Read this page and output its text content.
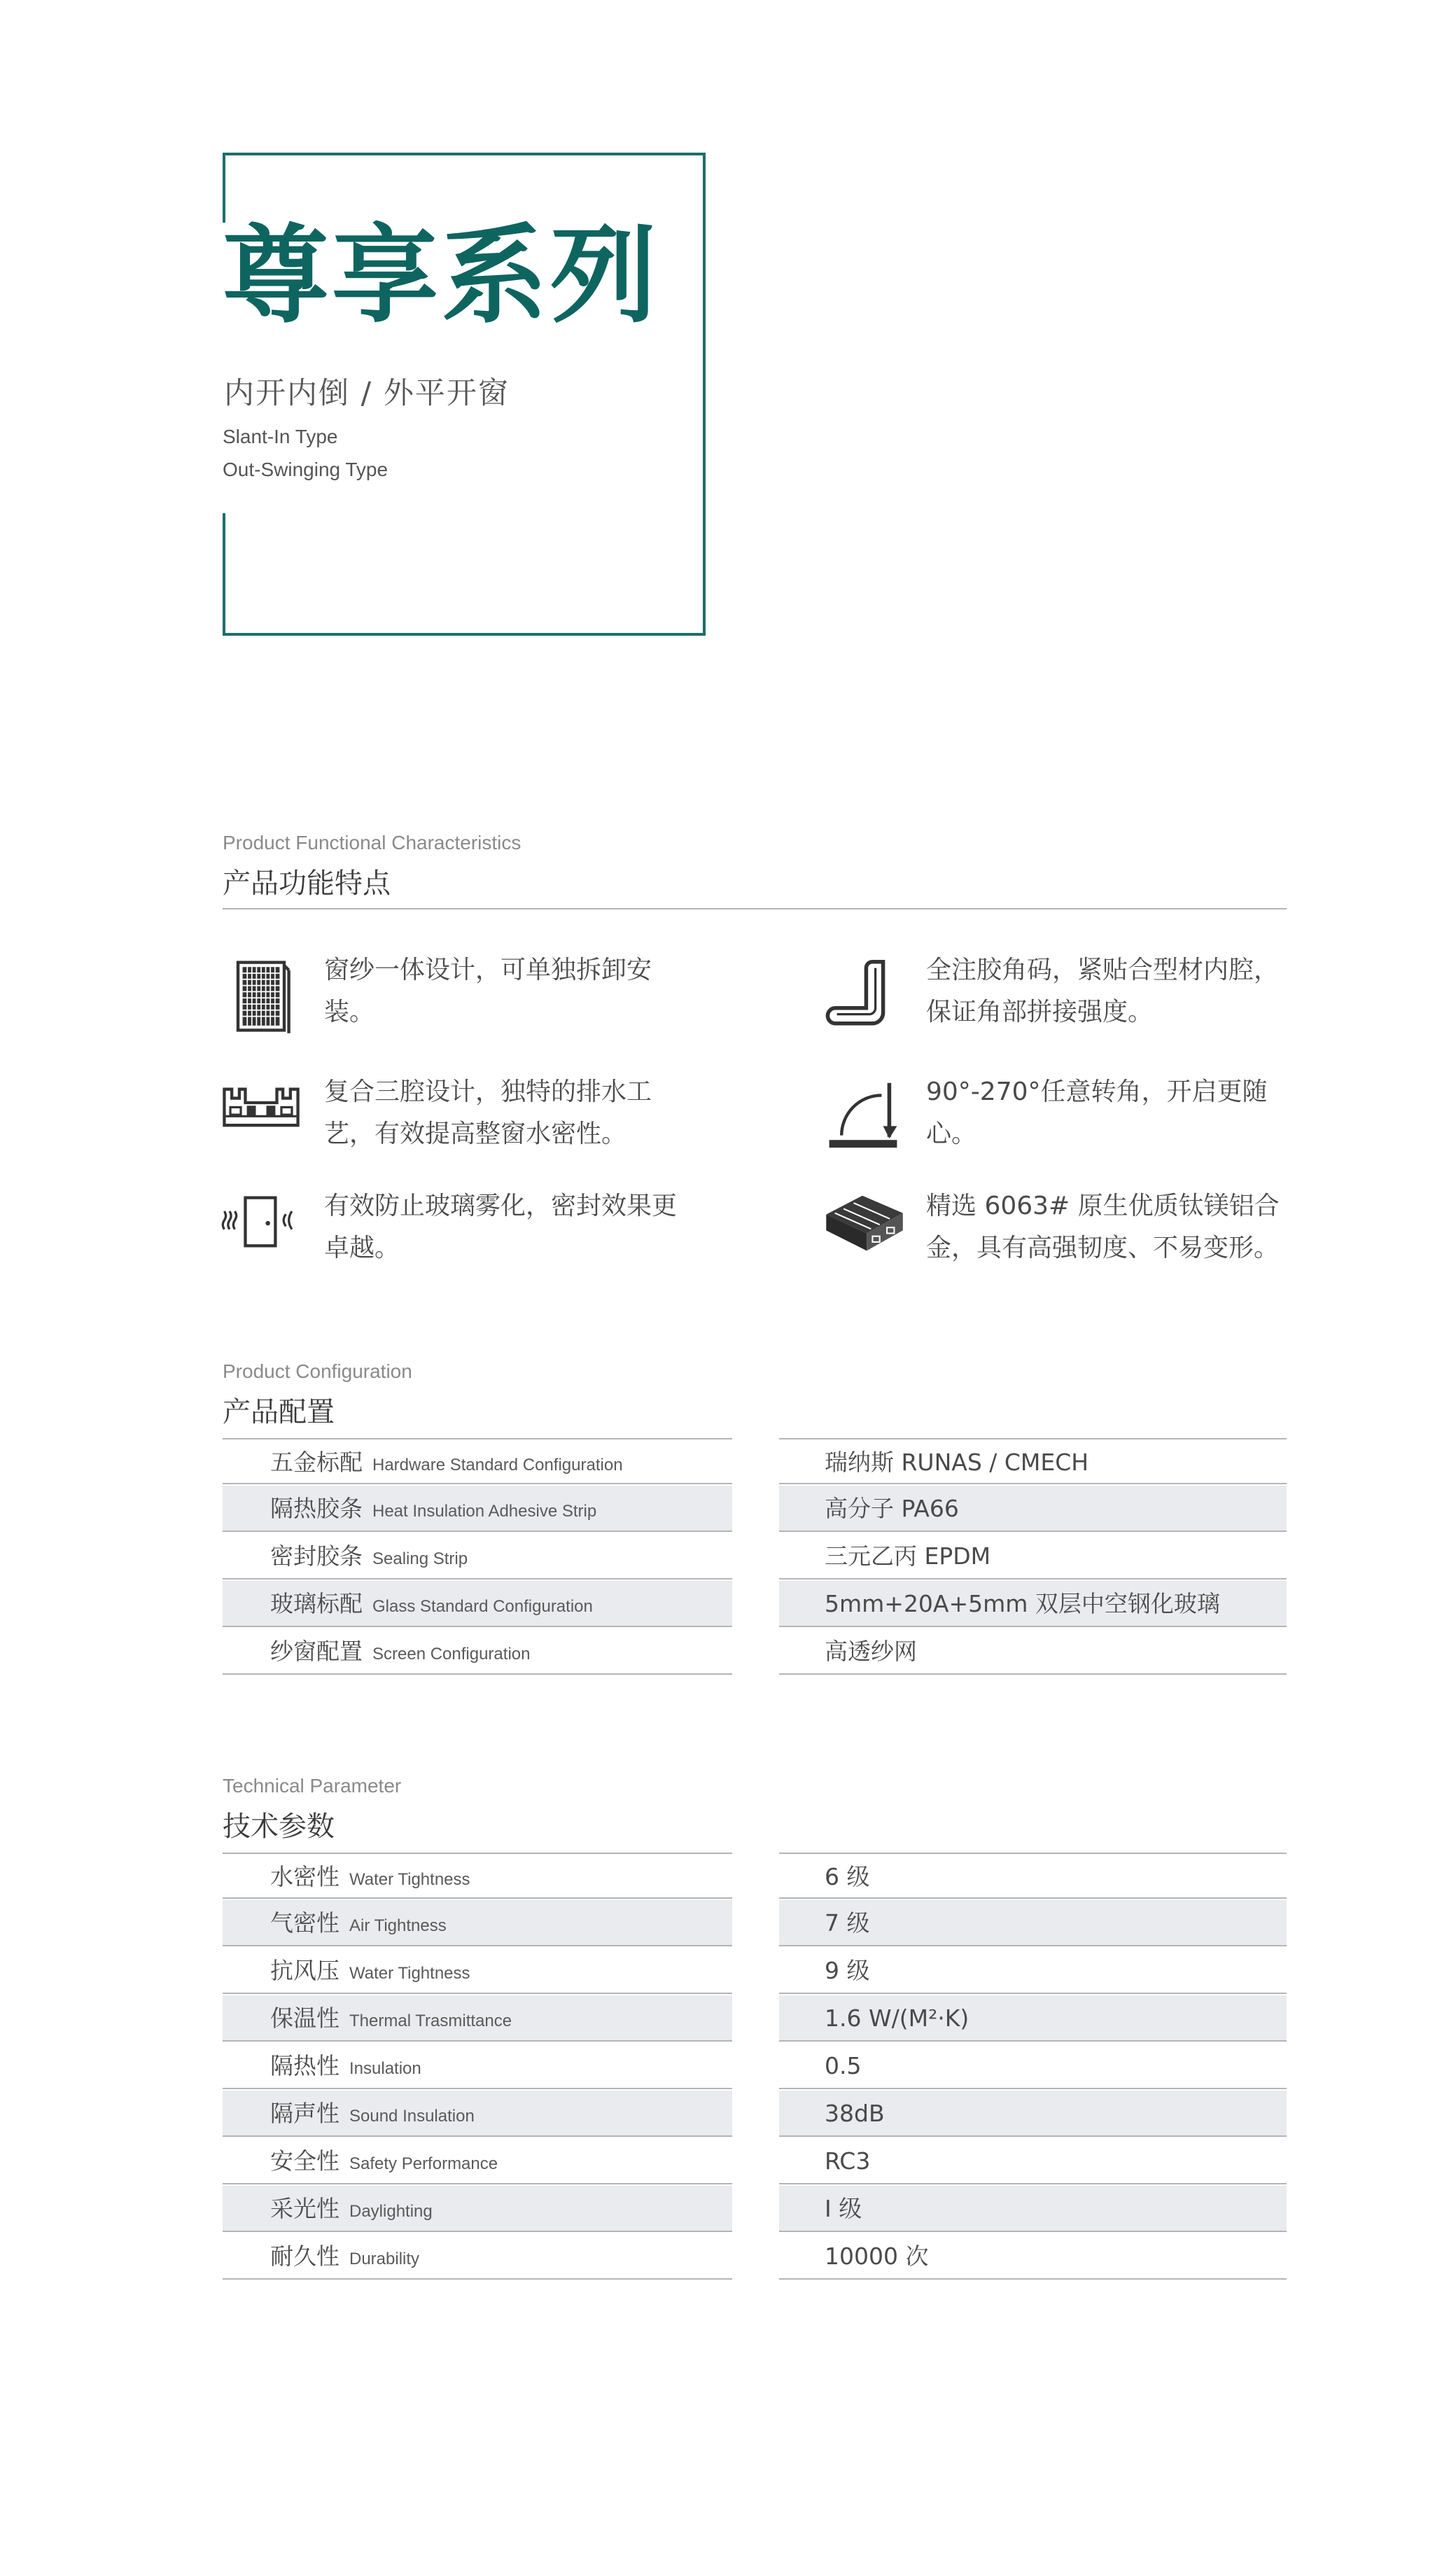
尊享系列
内开内倒 / 外平开窗
Slant-In Type
Out-Swinging Type
Product Functional Characteristics
产品功能特点
窗纱一体设计，可单独拆卸安
装。
全注胶角码，紧贴合型材内腔，
保证角部拼接强度。
复合三腔设计，独特的排水工
艺，有效提高整窗水密性。
90°-270°任意转角，开启更随
心。
有效防止玻璃雾化，密封效果更
卓越。
精选 6063# 原生优质钛镁铝合
金，具有高强韧度、不易变形。
Product Configuration
产品配置
五金标配 Hardware Standard Configuration	瑞纳斯 RUNAS / CMECH
隔热胶条 Heat Insulation Adhesive Strip	高分子 PA66
密封胶条 Sealing Strip	三元乙丙 EPDM
玻璃标配 Glass Standard Configuration	5mm+20A+5mm 双层中空钢化玻璃
纱窗配置 Screen Configuration	高透纱网
Technical Parameter
技术参数
水密性 Water Tightness	6 级
气密性 Air Tightness	7 级
抗风压 Water Tightness	9 级
保温性 Thermal Trasmittance	1.6 W/(M²·K)
隔热性 Insulation	0.5
隔声性 Sound Insulation	38dB
安全性 Safety Performance	RC3
采光性 Daylighting	I 级
耐久性 Durability	10000 次
